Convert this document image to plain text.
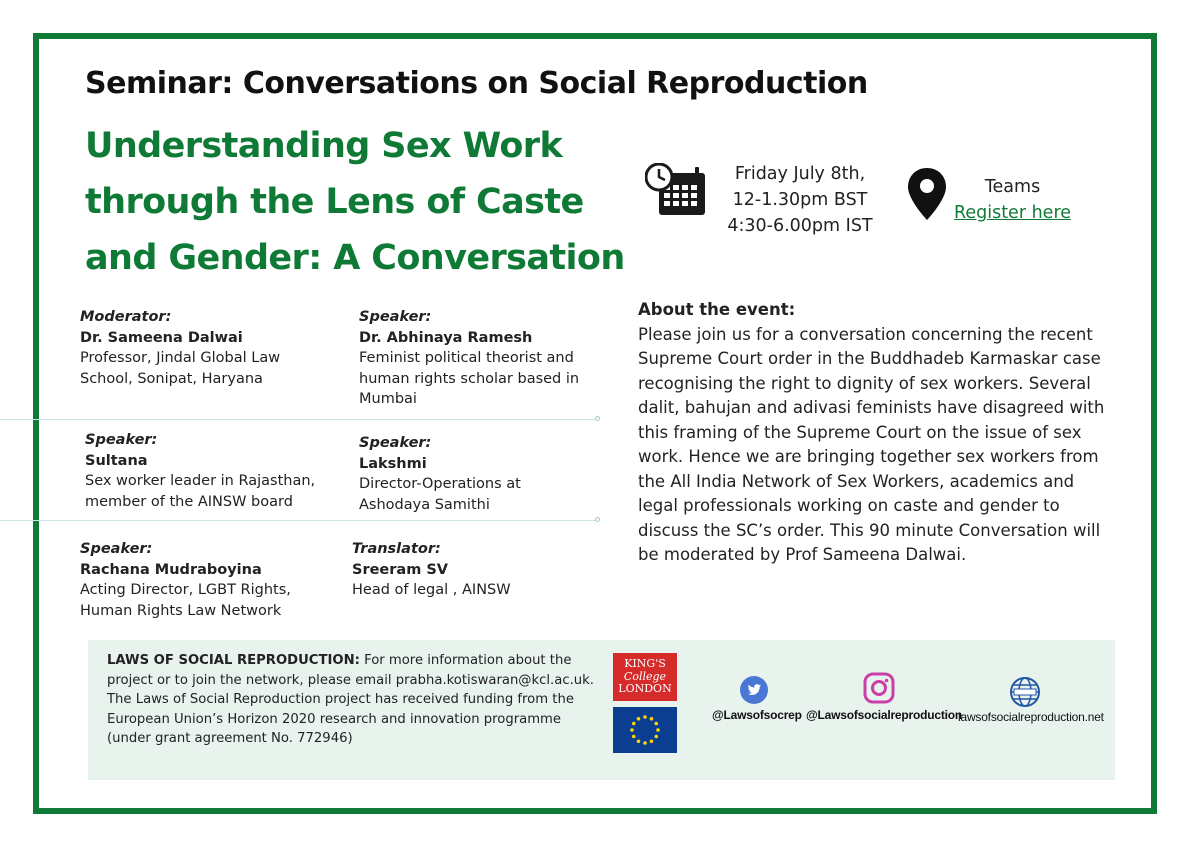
Seminar: Conversations on Social Reproduction
Understanding Sex Work
through the Lens of Caste
and Gender: A Conversation
Friday July 8th,
12-1.30pm BST
4:30-6.00pm IST
Teams
Register here
Moderator:
Dr. Sameena Dalwai
Professor, Jindal Global Law School, Sonipat, Haryana
Speaker:
Dr. Abhinaya Ramesh
Feminist political theorist and human rights scholar based in Mumbai
Speaker:
Sultana
Sex worker leader in Rajasthan, member of the AINSW board
Speaker:
Lakshmi
Director-Operations at Ashodaya Samithi
Speaker:
Rachana Mudraboyina
Acting Director, LGBT Rights, Human Rights Law Network
Translator:
Sreeram SV
Head of legal , AINSW
About the event:
Please join us for a conversation concerning the recent Supreme Court order in the Buddhadeb Karmaskar case recognising the right to dignity of sex workers. Several dalit, bahujan and adivasi feminists have disagreed with this framing of the Supreme Court on the issue of sex work. Hence we are bringing together sex workers from the All India Network of Sex Workers, academics and legal professionals working on caste and gender to discuss the SC’s order. This 90 minute Conversation will be moderated by Prof Sameena Dalwai.
LAWS OF SOCIAL REPRODUCTION: For more information about the project or to join the network, please email prabha.kotiswaran@kcl.ac.uk. The Laws of Social Reproduction project has received funding from the European Union’s Horizon 2020 research and innovation programme (under grant agreement No. 772946)
KING'S
College
LONDON
@Lawsofsocrep @Lawsofsocialreproduction
lawsofsocialreproduction.net
